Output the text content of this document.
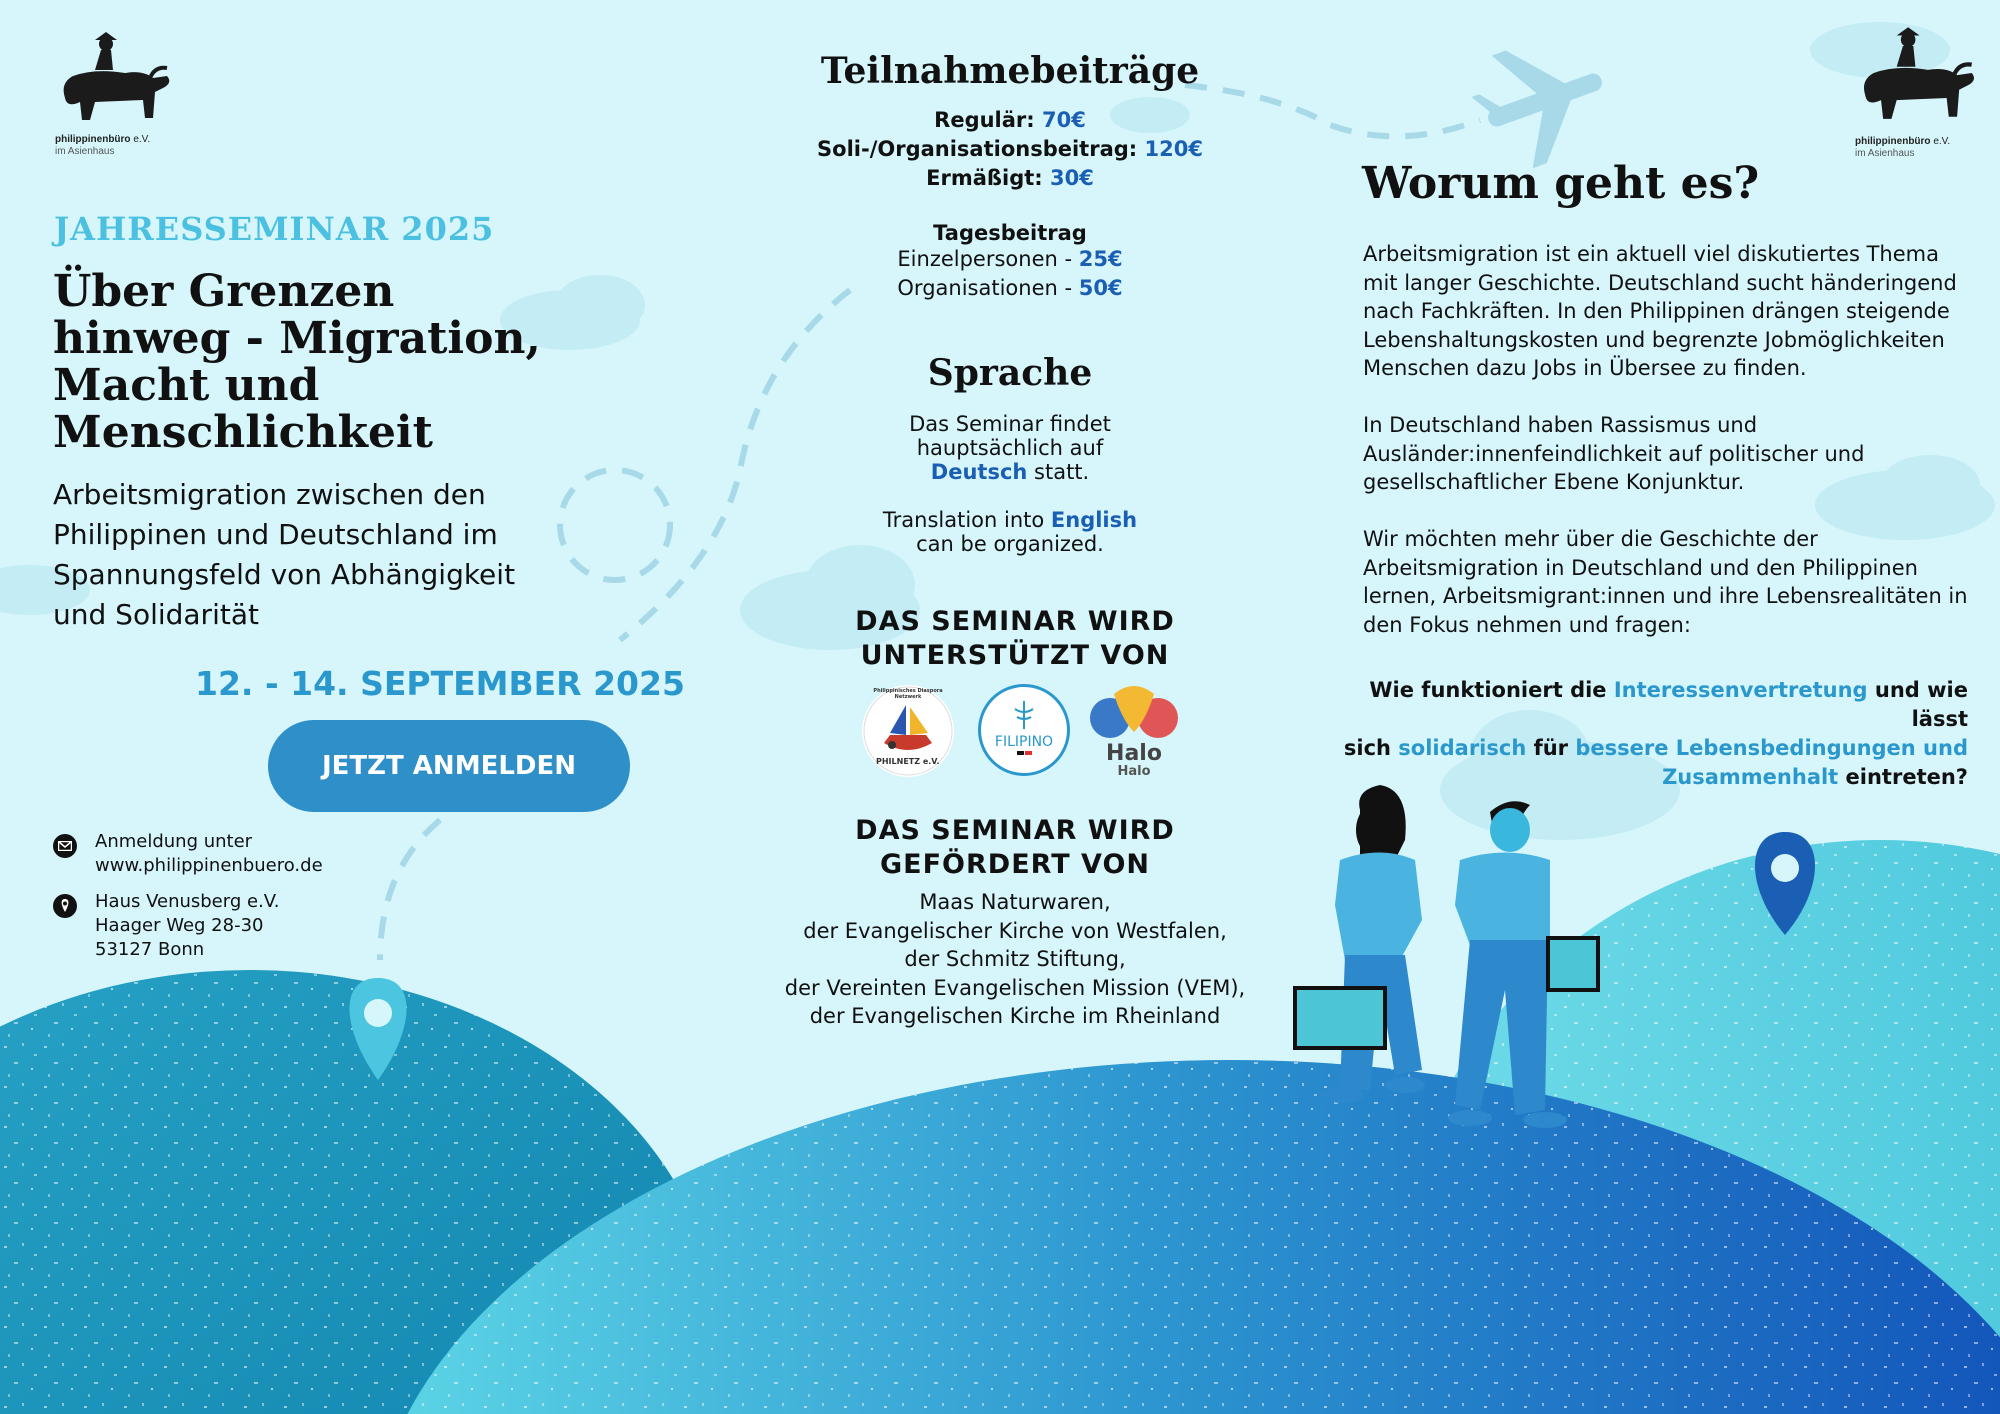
philippinenbüro e.V.
im Asienhaus
philippinenbüro e.V.
im Asienhaus
JAHRESSEMINAR 2025
Über Grenzen
hinweg - Migration,
Macht und
Menschlichkeit
Arbeitsmigration zwischen den
Philippinen und Deutschland im
Spannungsfeld von Abhängigkeit
und Solidarität
12. - 14. SEPTEMBER 2025
JETZT ANMELDEN
Anmeldung unter
www.philippinenbuero.de
Haus Venusberg e.V.
Haager Weg 28-30
53127 Bonn
Teilnahmebeiträge
Regulär: 70€
Soli-/Organisationsbeitrag: 120€
Ermäßigt: 30€
Tagesbeitrag
Einzelpersonen - 25€
Organisationen - 50€
Sprache
Das Seminar findet
hauptsächlich auf
Deutsch statt.
Translation into English
can be organized.
DAS SEMINAR WIRD
UNTERSTÜTZT VON
PHILNETZ e.V.
Philippinisches Diaspora Netzwerk
FILIPINO	Halo
Halo
DAS SEMINAR WIRD
GEFÖRDERT VON
Maas Naturwaren,
der Evangelischer Kirche von Westfalen,
der Schmitz Stiftung,
der Vereinten Evangelischen Mission (VEM),
der Evangelischen Kirche im Rheinland
Worum geht es?
Arbeitsmigration ist ein aktuell viel diskutiertes Thema
mit langer Geschichte. Deutschland sucht händeringend
nach Fachkräften. In den Philippinen drängen steigende
Lebenshaltungskosten und begrenzte Jobmöglichkeiten
Menschen dazu Jobs in Übersee zu finden.
In Deutschland haben Rassismus und
Ausländer:innenfeindlichkeit auf politischer und
gesellschaftlicher Ebene Konjunktur.
Wir möchten mehr über die Geschichte der
Arbeitsmigration in Deutschland und den Philippinen
lernen, Arbeitsmigrant:innen und ihre Lebensrealitäten in
den Fokus nehmen und fragen:
Wie funktioniert die Interessenvertretung und wie lässt
sich solidarisch für bessere Lebensbedingungen und
Zusammenhalt eintreten?
